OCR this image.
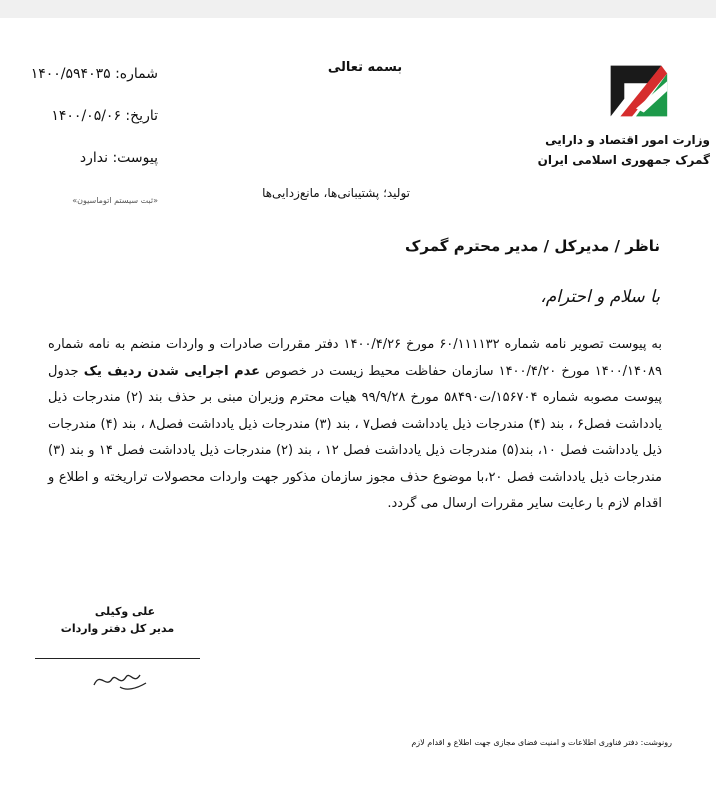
وزارت امور اقتصاد و دارایی
گمرک جمهوری اسلامی ایران
بسمه تعالی
شماره: ۱۴۰۰/۵۹۴۰۳۵
تاریخ: ۱۴۰۰/۰۵/۰۶
پیوست: ندارد
«ثبت سیستم اتوماسیون»
تولید؛ پشتیبانی‌ها، مانع‌زدایی‌ها
ناظر / مدیرکل / مدیر محترم گمرک
با سلام و احترام،
به پیوست تصویر نامه شماره ۶۰/۱۱۱۱۳۲ مورخ ۱۴۰۰/۴/۲۶ دفتر مقررات صادرات و واردات منضم به نامه شماره ۱۴۰۰/۱۴۰۸۹ مورخ ۱۴۰۰/۴/۲۰ سازمان حفاظت محیط زیست در خصوص عدم اجرایی شدن ردیف یک جدول پیوست مصوبه شماره ۱۵۶۷۰۴/ت۵۸۴۹۰ مورخ ۹۹/۹/۲۸ هیات محترم وزیران مبنی بر حذف بند (۲) مندرجات ذیل یادداشت فصل۶ ، بند (۴) مندرجات ذیل یادداشت فصل۷ ، بند (۳) مندرجات ذیل یادداشت فصل۸ ، بند (۴) مندرجات ذیل یادداشت فصل ۱۰، بند(۵) مندرجات ذیل یادداشت فصل ۱۲ ، بند (۲) مندرجات ذیل یادداشت فصل ۱۴ و بند (۳) مندرجات ذیل یادداشت فصل ۲۰،با موضوع حذف مجوز سازمان مذکور جهت واردات محصولات تراریخته و اطلاع و اقدام لازم با رعایت سایر مقررات ارسال می گردد.
علی وکیلی
مدیر کل دفتر واردات
رونوشت: دفتر فناوری اطلاعات و امنیت فضای مجازی جهت اطلاع و اقدام لازم
